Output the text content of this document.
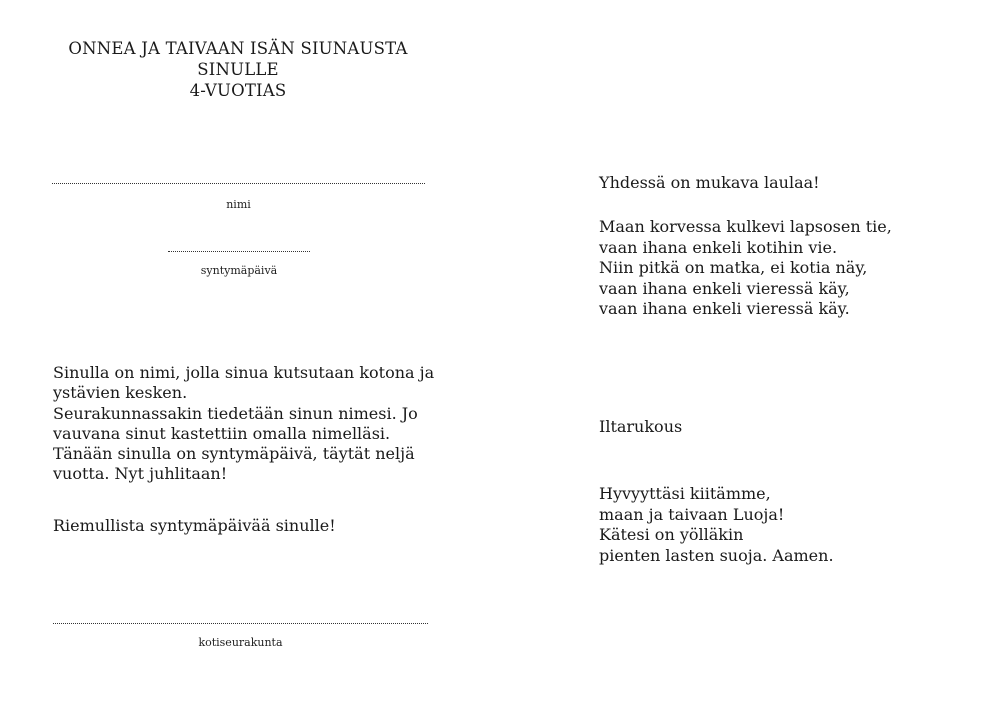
ONNEA JA TAIVAAN ISÄN SIUNAUSTA
SINULLE
4-VUOTIAS
nimi
syntymäpäivä

Sinulla on nimi, jolla sinua kutsutaan kotona ja

ystävien kesken.

Seurakunnassakin tiedetään sinun nimesi. Jo

vauvana sinut kastettiin omalla nimelläsi.

Tänään sinulla on syntymäpäivä, täytät neljä

vuotta. Nyt juhlitaan!

Riemullista syntymäpäivää sinulle!
kotiseurakunta
Yhdessä on mukava laulaa!

Maan korvessa kulkevi lapsosen tie,

vaan ihana enkeli kotihin vie.

Niin pitkä on matka, ei kotia näy,

vaan ihana enkeli vieressä käy,

vaan ihana enkeli vieressä käy.

Iltarukous

Hyvyyttäsi kiitämme,

maan ja taivaan Luoja!

Kätesi on yölläkin

pienten lasten suoja. Aamen.
